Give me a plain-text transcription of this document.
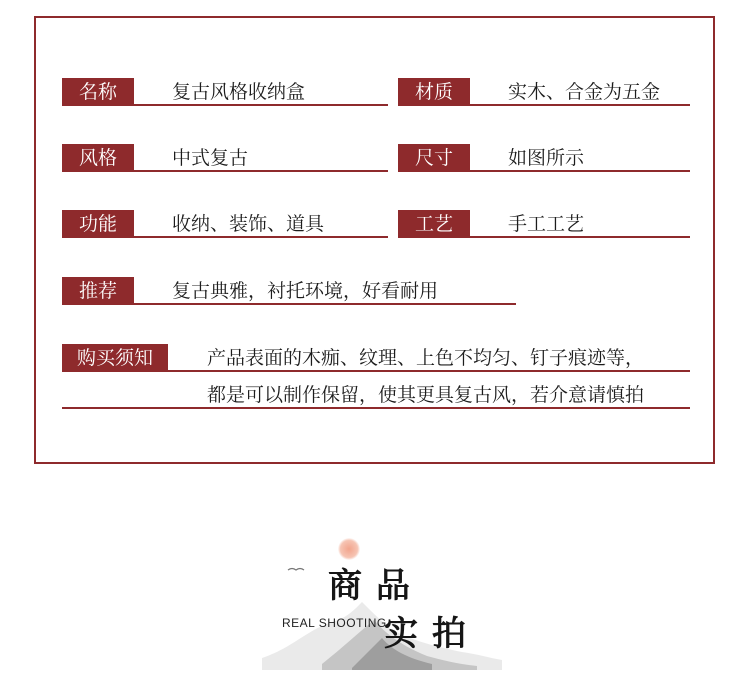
名称	复古风格收纳盒	材质	实木、合金为五金
风格	中式复古	尺寸	如图所示
功能	收纳、装饰、道具	工艺	手工工艺
推荐	复古典雅，衬托环境，好看耐用
购买须知	产品表面的木痂、纹理、上色不均匀、钉子痕迹等，
都是可以制作保留，使其更具复古风，若介意请慎拍
商 品
实 拍
REAL SHOOTING
